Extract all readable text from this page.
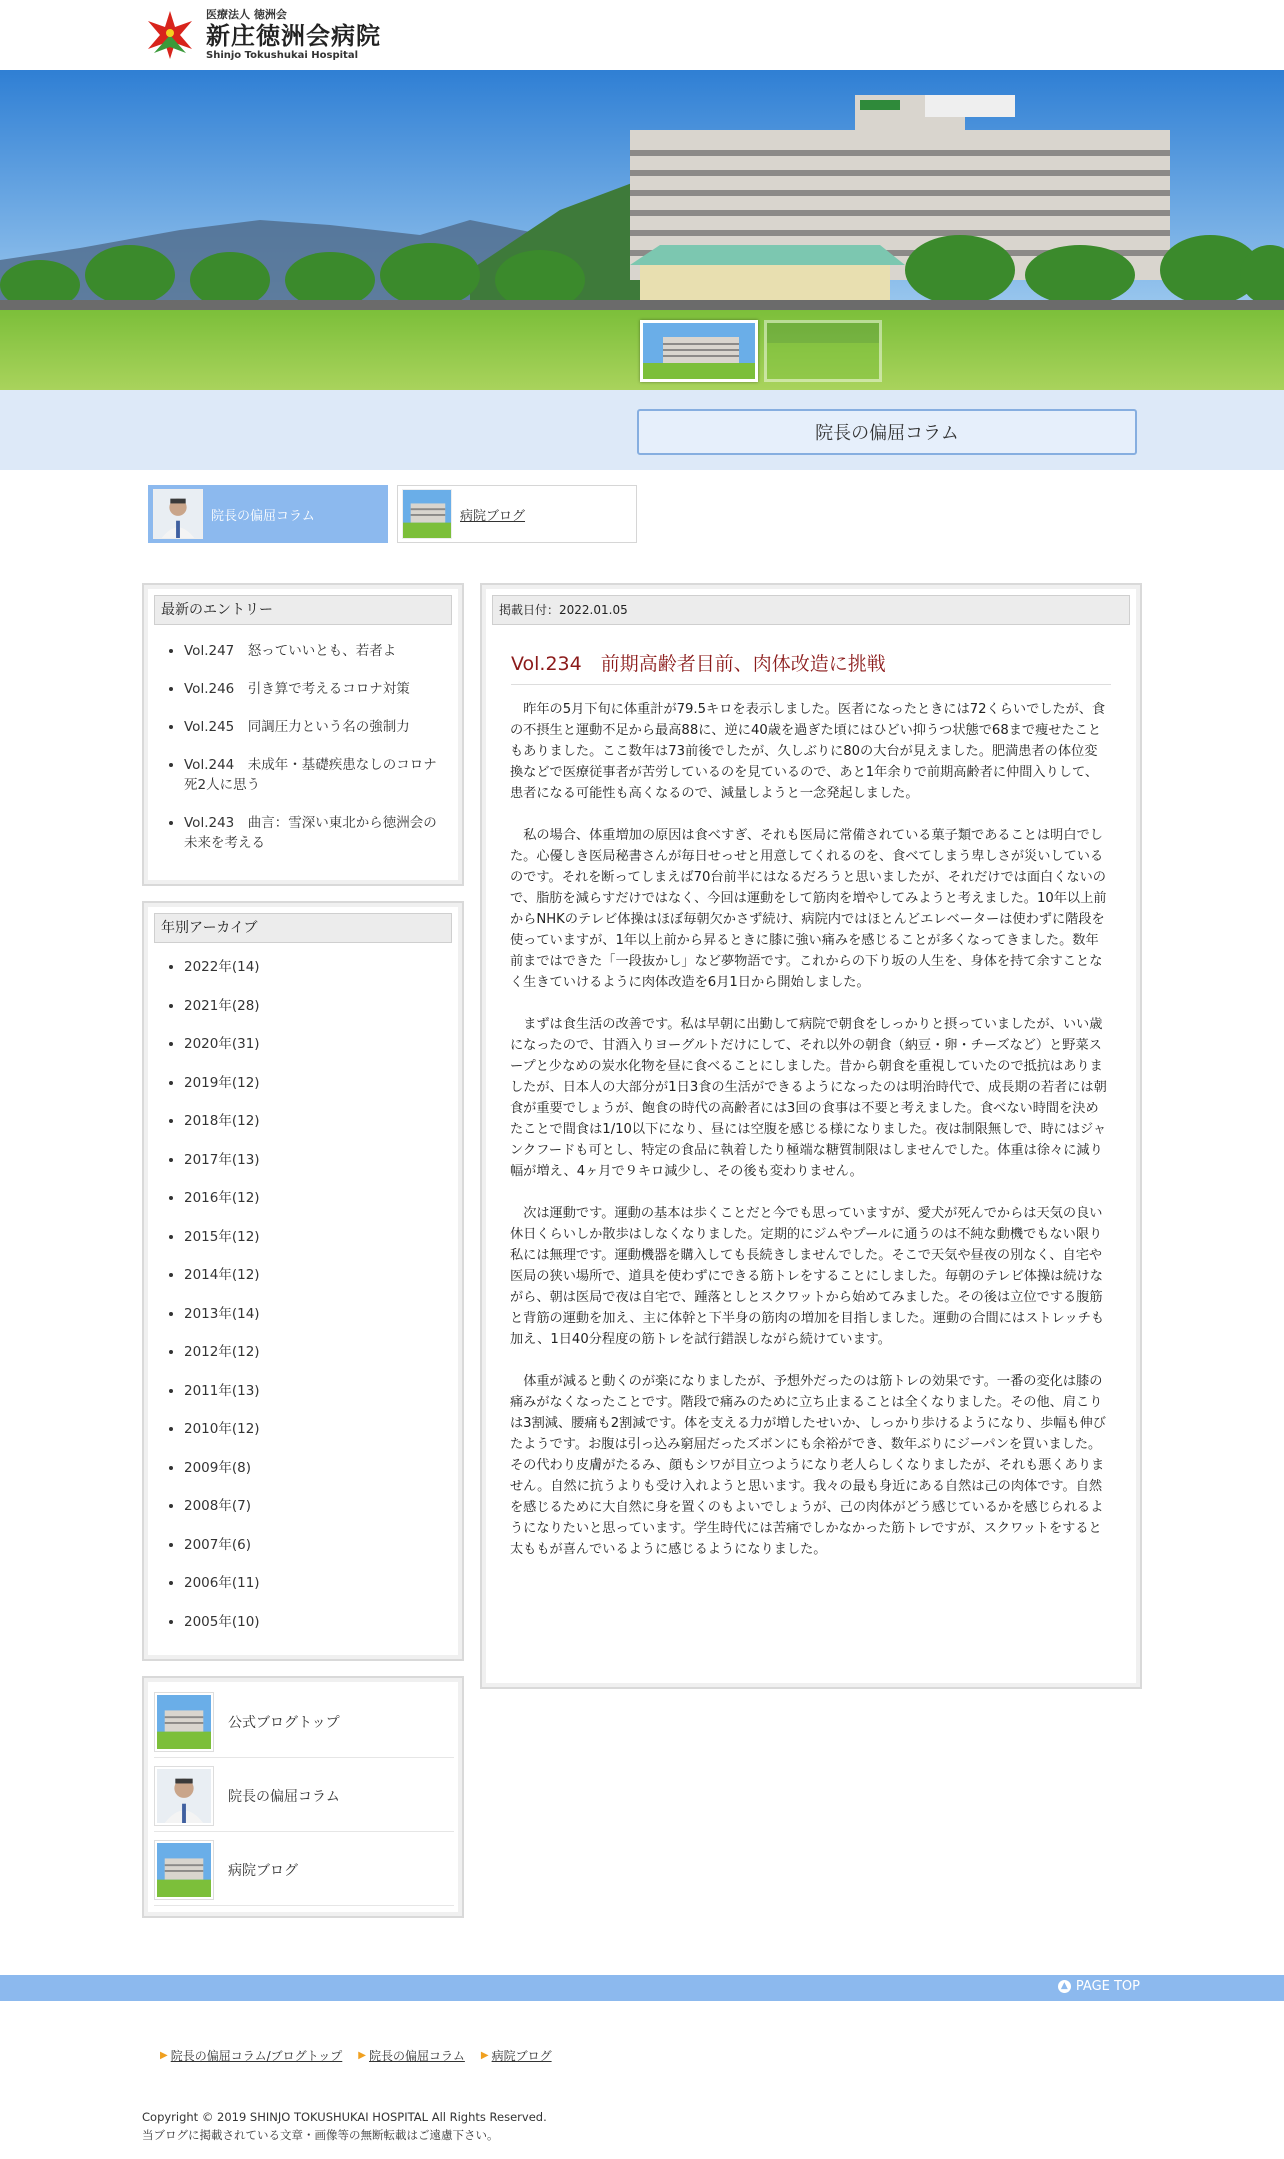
医療法人 徳洲会
新庄徳洲会病院
Shinjo Tokushukai Hospital
院長の偏屈コラム
院長の偏屈コラム	病院ブログ
最新のエントリー
• Vol.247　怒っていいとも、若者よ
• Vol.246　引き算で考えるコロナ対策
• Vol.245　同調圧力という名の強制力
• Vol.244　未成年・基礎疾患なしのコロナ死2人に思う
• Vol.243　曲言：雪深い東北から徳洲会の未来を考える
年別アーカイブ
• 2022年(14)
• 2021年(28)
• 2020年(31)
• 2019年(12)
• 2018年(12)
• 2017年(13)
• 2016年(12)
• 2015年(12)
• 2014年(12)
• 2013年(14)
• 2012年(12)
• 2011年(13)
• 2010年(12)
• 2009年(8)
• 2008年(7)
• 2007年(6)
• 2006年(11)
• 2005年(10)
公式ブログトップ
院長の偏屈コラム
病院ブログ
掲載日付：2022.01.05
Vol.234　前期高齢者目前、肉体改造に挑戦

昨年の5月下旬に体重計が79.5キロを表示しました。医者になったときには72くらいでしたが、食の不摂生と運動不足から最高88に、逆に40歳を過ぎた頃にはひどい抑うつ状態で68まで痩せたこともありました。ここ数年は73前後でしたが、久しぶりに80の大台が見えました。肥満患者の体位変換などで医療従事者が苦労しているのを見ているので、あと1年余りで前期高齢者に仲間入りして、患者になる可能性も高くなるので、減量しようと一念発起しました。

私の場合、体重増加の原因は食べすぎ、それも医局に常備されている菓子類であることは明白でした。心優しき医局秘書さんが毎日せっせと用意してくれるのを、食べてしまう卑しさが災いしているのです。それを断ってしまえば70台前半にはなるだろうと思いましたが、それだけでは面白くないので、脂肪を減らすだけではなく、今回は運動をして筋肉を増やしてみようと考えました。10年以上前からNHKのテレビ体操はほぼ毎朝欠かさず続け、病院内ではほとんどエレベーターは使わずに階段を使っていますが、1年以上前から昇るときに膝に強い痛みを感じることが多くなってきました。数年前まではできた「一段抜かし」など夢物語です。これからの下り坂の人生を、身体を持て余すことなく生きていけるように肉体改造を6月1日から開始しました。

まずは食生活の改善です。私は早朝に出勤して病院で朝食をしっかりと摂っていましたが、いい歳になったので、甘酒入りヨーグルトだけにして、それ以外の朝食（納豆・卵・チーズなど）と野菜スープと少なめの炭水化物を昼に食べることにしました。昔から朝食を重視していたので抵抗はありましたが、日本人の大部分が1日3食の生活ができるようになったのは明治時代で、成長期の若者には朝食が重要でしょうが、飽食の時代の高齢者には3回の食事は不要と考えました。食べない時間を決めたことで間食は1/10以下になり、昼には空腹を感じる様になりました。夜は制限無しで、時にはジャンクフードも可とし、特定の食品に執着したり極端な糖質制限はしませんでした。体重は徐々に減り幅が増え、4ヶ月で９キロ減少し、その後も変わりません。

次は運動です。運動の基本は歩くことだと今でも思っていますが、愛犬が死んでからは天気の良い休日くらいしか散歩はしなくなりました。定期的にジムやプールに通うのは不純な動機でもない限り私には無理です。運動機器を購入しても長続きしませんでした。そこで天気や昼夜の別なく、自宅や医局の狭い場所で、道具を使わずにできる筋トレをすることにしました。毎朝のテレビ体操は続けながら、朝は医局で夜は自宅で、踵落としとスクワットから始めてみました。その後は立位でする腹筋と背筋の運動を加え、主に体幹と下半身の筋肉の増加を目指しました。運動の合間にはストレッチも加え、1日40分程度の筋トレを試行錯誤しながら続けています。

体重が減ると動くのが楽になりましたが、予想外だったのは筋トレの効果です。一番の変化は膝の痛みがなくなったことです。階段で痛みのために立ち止まることは全くなりました。その他、肩こりは3割減、腰痛も2割減です。体を支える力が増したせいか、しっかり歩けるようになり、歩幅も伸びたようです。お腹は引っ込み窮屈だったズボンにも余裕ができ、数年ぶりにジーパンを買いました。その代わり皮膚がたるみ、顔もシワが目立つようになり老人らしくなりましたが、それも悪くありません。自然に抗うよりも受け入れようと思います。我々の最も身近にある自然は己の肉体です。自然を感じるために大自然に身を置くのもよいでしょうが、己の肉体がどう感じているかを感じられるようになりたいと思っています。学生時代には苦痛でしかなかった筋トレですが、スクワットをすると太ももが喜んでいるように感じるようになりました。

▲ PAGE TOP
▶ 院長の偏屈コラム/ブログトップ ▶ 院長の偏屈コラム ▶ 病院ブログ
Copyright © 2019 SHINJO TOKUSHUKAI HOSPITAL All Rights Reserved.
当ブログに掲載されている文章・画像等の無断転載はご遠慮下さい。
